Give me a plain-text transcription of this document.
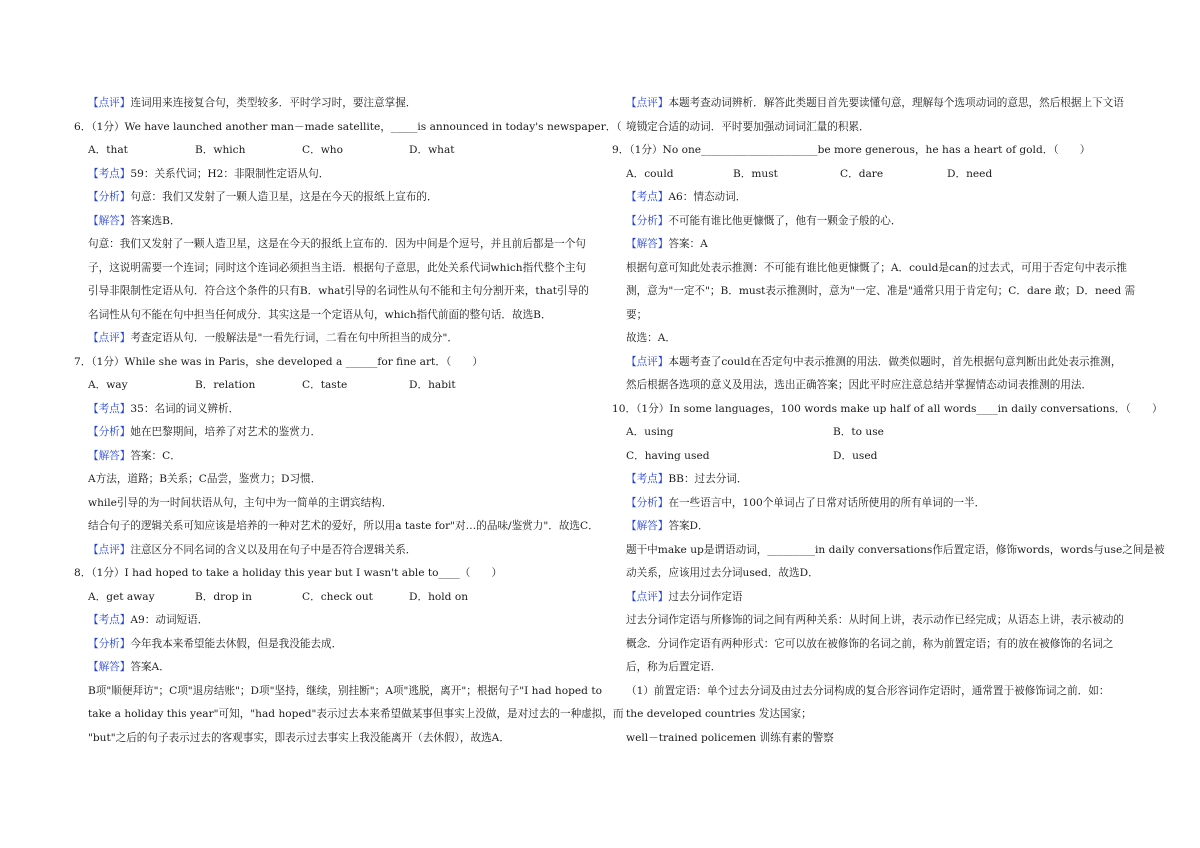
【点评】连词用来连接复合句，类型较多．平时学习时，要注意掌握．
6．（1分）We have launched another man－made satellite，_____is announced in today's newspaper．（　　）
A．that	B．which	C．who	D．what
【考点】59：关系代词；H2：非限制性定语从句．
【分析】句意：我们又发射了一颗人造卫星，这是在今天的报纸上宣布的．
【解答】答案选B．
句意：我们又发射了一颗人造卫星，这是在今天的报纸上宣布的．因为中间是个逗号，并且前后都是一个句
子，这说明需要一个连词；同时这个连词必须担当主语．根据句子意思，此处关系代词which指代整个主句
引导非限制性定语从句．符合这个条件的只有B．what引导的名词性从句不能和主句分割开来，that引导的
名词性从句不能在句中担当任何成分．其实这是一个定语从句，which指代前面的整句话．故选B．
【点评】考查定语从句．一般解法是"一看先行词，二看在句中所担当的成分"．
7．（1分）While she was in Paris，she developed a ______for fine art．（　　）
A．way	B．relation	C．taste	D．habit
【考点】35：名词的词义辨析．
【分析】她在巴黎期间，培养了对艺术的鉴赏力．
【解答】答案：C．
A方法，道路；B关系；C品尝，鉴赏力；D习惯．
while引导的为一时间状语从句，主句中为一简单的主谓宾结构．
结合句子的逻辑关系可知应该是培养的一种对艺术的爱好，所以用a taste for"对…的品味/鉴赏力"．故选C．
【点评】注意区分不同名词的含义以及用在句子中是否符合逻辑关系．
8．（1分）I had hoped to take a holiday this year but I wasn't able to____（　　）
A．get away	B．drop in	C．check out	D．hold on
【考点】A9：动词短语．
【分析】今年我本来希望能去休假，但是我没能去成．
【解答】答案A．
B项"顺便拜访"；C项"退房结账"；D项"坚持，继续，别挂断"；A项"逃脱，离开"；根据句子"I had hoped to
take a holiday this year"可知，"had hoped"表示过去本来希望做某事但事实上没做，是对过去的一种虚拟，而
"but"之后的句子表示过去的客观事实，即表示过去事实上我没能离开（去休假），故选A．
【点评】本题考查动词辨析．解答此类题目首先要读懂句意，理解每个选项动词的意思，然后根据上下文语
境锁定合适的动词．平时要加强动词词汇量的积累．
9．（1分）No one______________________be more generous，he has a heart of gold．（　　）
A．could	B．must	C．dare	D．need
【考点】A6：情态动词．
【分析】不可能有谁比他更慷慨了，他有一颗金子般的心．
【解答】答案：A
根据句意可知此处表示推测：不可能有谁比他更慷慨了；A．could是can的过去式，可用于否定句中表示推
测，意为"一定不"；B．must表示推测时，意为"一定、准是"通常只用于肯定句；C．dare 敢；D．need 需
要；
故选：A．
【点评】本题考查了could在否定句中表示推测的用法．做类似题时，首先根据句意判断出此处表示推测，
然后根据各选项的意义及用法，选出正确答案；因此平时应注意总结并掌握情态动词表推测的用法．
10．（1分）In some languages，100 words make up half of all words____in daily conversations．（　　）
A．using	B．to use
C．having used	D．used
【考点】BB：过去分词．
【分析】在一些语言中，100个单词占了日常对话所使用的所有单词的一半．
【解答】答案D．
题干中make up是谓语动词，_________in daily conversations作后置定语，修饰words，words与use之间是被
动关系，应该用过去分词used．故选D．
【点评】过去分词作定语
过去分词作定语与所修饰的词之间有两种关系：从时间上讲，表示动作已经完成；从语态上讲，表示被动的
概念．分词作定语有两种形式：它可以放在被修饰的名词之前，称为前置定语；有的放在被修饰的名词之
后，称为后置定语．
（1）前置定语：单个过去分词及由过去分词构成的复合形容词作定语时，通常置于被修饰词之前．如：
the developed countries 发达国家；
well－trained policemen 训练有素的警察
